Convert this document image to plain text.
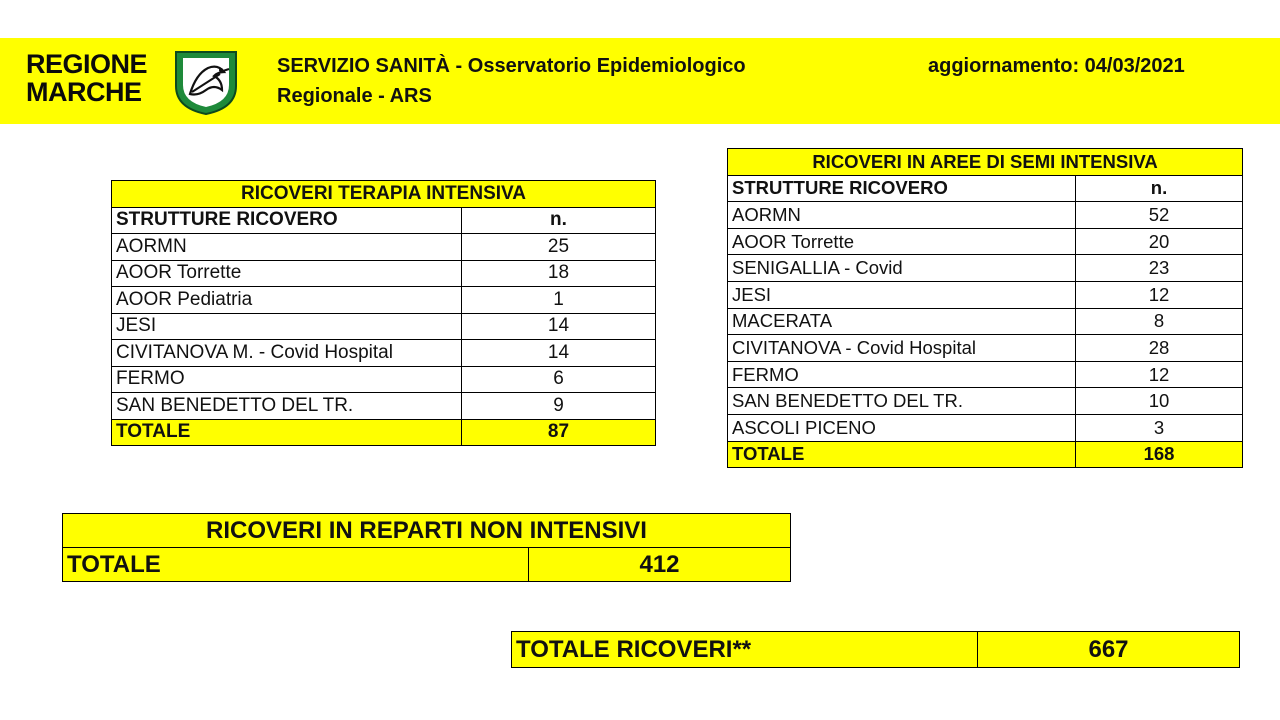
REGIONE
MARCHE
SERVIZIO SANITÀ - Osservatorio Epidemiologico
Regionale - ARS
aggiornamento: 04/03/2021
RICOVERI TERAPIA INTENSIVA	
STRUTTURE RICOVERO	n.
AORMN	25
AOOR Torrette	18
AOOR Pediatria	1
JESI	14
CIVITANOVA M. - Covid Hospital	14
FERMO	6
SAN BENEDETTO DEL TR.	9
TOTALE	87
RICOVERI IN AREE DI SEMI INTENSIVA	
STRUTTURE RICOVERO	n.
AORMN	52
AOOR Torrette	20
SENIGALLIA - Covid	23
JESI	12
MACERATA	8
CIVITANOVA - Covid Hospital	28
FERMO	12
SAN BENEDETTO DEL TR.	10
ASCOLI PICENO	3
TOTALE	168
RICOVERI IN REPARTI NON INTENSIVI
TOTALE	412
TOTALE RICOVERI**	667
